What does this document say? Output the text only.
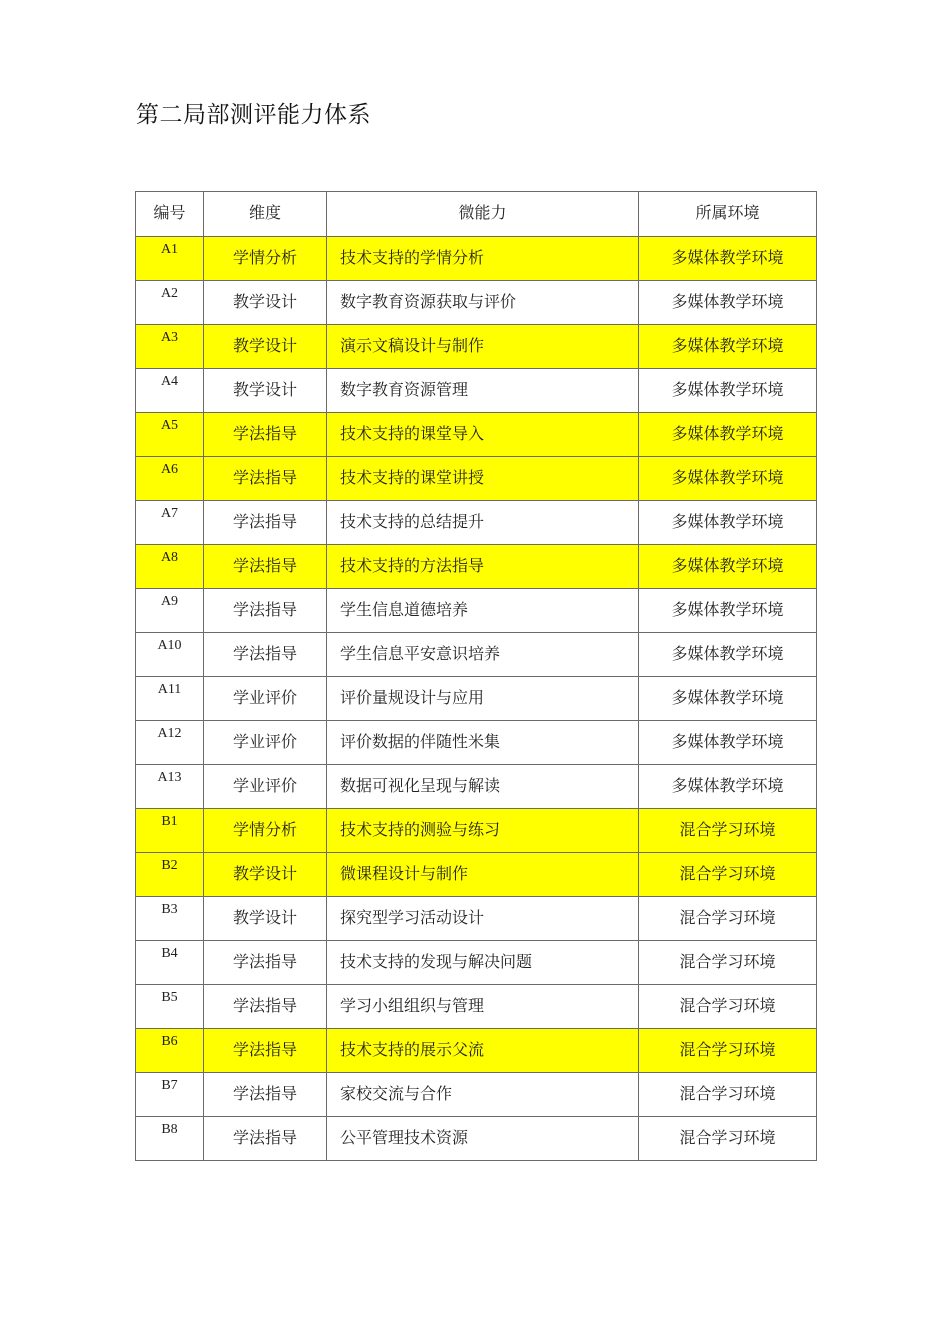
第二局部测评能力体系
编号	维度	微能力	所属环境
A1	学情分析	技术支持的学情分析	多媒体教学环境
A2	教学设计	数字教育资源获取与评价	多媒体教学环境
A3	教学设计	演示文稿设计与制作	多媒体教学环境
A4	教学设计	数字教育资源管理	多媒体教学环境
A5	学法指导	技术支持的课堂导入	多媒体教学环境
A6	学法指导	技术支持的课堂讲授	多媒体教学环境
A7	学法指导	技术支持的总结提升	多媒体教学环境
A8	学法指导	技术支持的方法指导	多媒体教学环境
A9	学法指导	学生信息道德培养	多媒体教学环境
A10	学法指导	学生信息平安意识培养	多媒体教学环境
A11	学业评价	评价量规设计与应用	多媒体教学环境
A12	学业评价	评价数据的伴随性米集	多媒体教学环境
A13	学业评价	数据可视化呈现与解读	多媒体教学环境
B1	学情分析	技术支持的测验与练习	混合学习环境
B2	教学设计	微课程设计与制作	混合学习环境
B3	教学设计	探究型学习活动设计	混合学习环境
B4	学法指导	技术支持的发现与解决问题	混合学习环境
B5	学法指导	学习小组组织与管理	混合学习环境
B6	学法指导	技术支持的展示父流	混合学习环境
B7	学法指导	家校交流与合作	混合学习环境
B8	学法指导	公平管理技术资源	混合学习环境
